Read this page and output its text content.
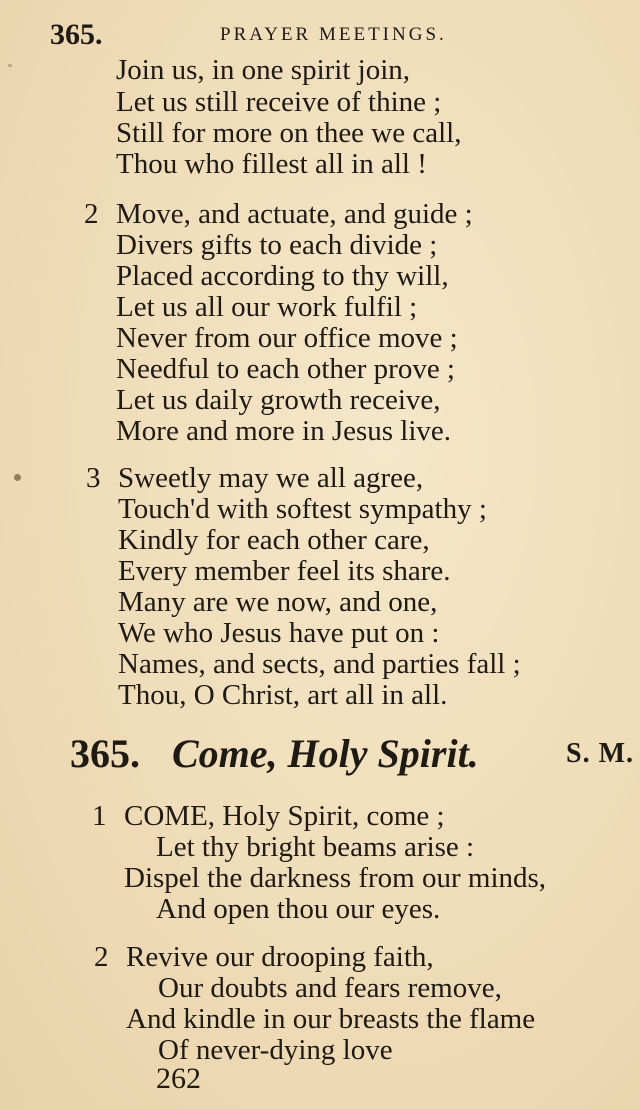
365.	PRAYER MEETINGS.
Join us, in one spirit join,
Let us still receive of thine ;
Still for more on thee we call,
Thou who fillest all in all !
2 Move, and actuate, and guide ;
Divers gifts to each divide ;
Placed according to thy will,
Let us all our work fulfil ;
Never from our office move ;
Needful to each other prove ;
Let us daily growth receive,
More and more in Jesus live.
3 Sweetly may we all agree,
Touch'd with softest sympathy ;
Kindly for each other care,
Every member feel its share.
Many are we now, and one,
We who Jesus have put on :
Names, and sects, and parties fall ;
Thou, O Christ, art all in all.
365. Come, Holy Spirit.	S. M.
1 COME, Holy Spirit, come ;
Let thy bright beams arise :
Dispel the darkness from our minds,
And open thou our eyes.
2 Revive our drooping faith,
Our doubts and fears remove,
And kindle in our breasts the flame
Of never-dying love
262
